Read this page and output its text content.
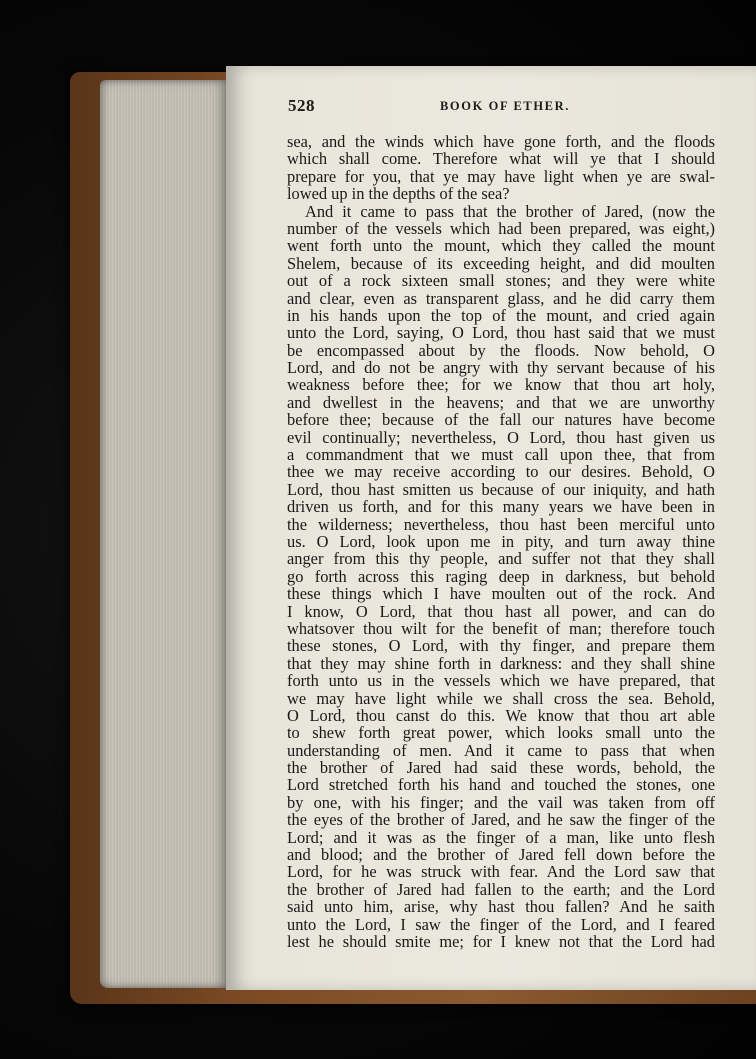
528	BOOK OF ETHER.
sea, and the winds which have gone forth, and the floods
which shall come. Therefore what will ye that I should
prepare for you, that ye may have light when ye are swal-
lowed up in the depths of the sea?
And it came to pass that the brother of Jared, (now the
number of the vessels which had been prepared, was eight,)
went forth unto the mount, which they called the mount
Shelem, because of its exceeding height, and did moulten
out of a rock sixteen small stones; and they were white
and clear, even as transparent glass, and he did carry them
in his hands upon the top of the mount, and cried again
unto the Lord, saying, O Lord, thou hast said that we must
be encompassed about by the floods. Now behold, O
Lord, and do not be angry with thy servant because of his
weakness before thee; for we know that thou art holy,
and dwellest in the heavens; and that we are unworthy
before thee; because of the fall our natures have become
evil continually; nevertheless, O Lord, thou hast given us
a commandment that we must call upon thee, that from
thee we may receive according to our desires. Behold, O
Lord, thou hast smitten us because of our iniquity, and hath
driven us forth, and for this many years we have been in
the wilderness; nevertheless, thou hast been merciful unto
us. O Lord, look upon me in pity, and turn away thine
anger from this thy people, and suffer not that they shall
go forth across this raging deep in darkness, but behold
these things which I have moulten out of the rock. And
I know, O Lord, that thou hast all power, and can do
whatsover thou wilt for the benefit of man; therefore touch
these stones, O Lord, with thy finger, and prepare them
that they may shine forth in darkness: and they shall shine
forth unto us in the vessels which we have prepared, that
we may have light while we shall cross the sea. Behold,
O Lord, thou canst do this. We know that thou art able
to shew forth great power, which looks small unto the
understanding of men. And it came to pass that when
the brother of Jared had said these words, behold, the
Lord stretched forth his hand and touched the stones, one
by one, with his finger; and the vail was taken from off
the eyes of the brother of Jared, and he saw the finger of the
Lord; and it was as the finger of a man, like unto flesh
and blood; and the brother of Jared fell down before the
Lord, for he was struck with fear. And the Lord saw that
the brother of Jared had fallen to the earth; and the Lord
said unto him, arise, why hast thou fallen? And he saith
unto the Lord, I saw the finger of the Lord, and I feared
lest he should smite me; for I knew not that the Lord had
